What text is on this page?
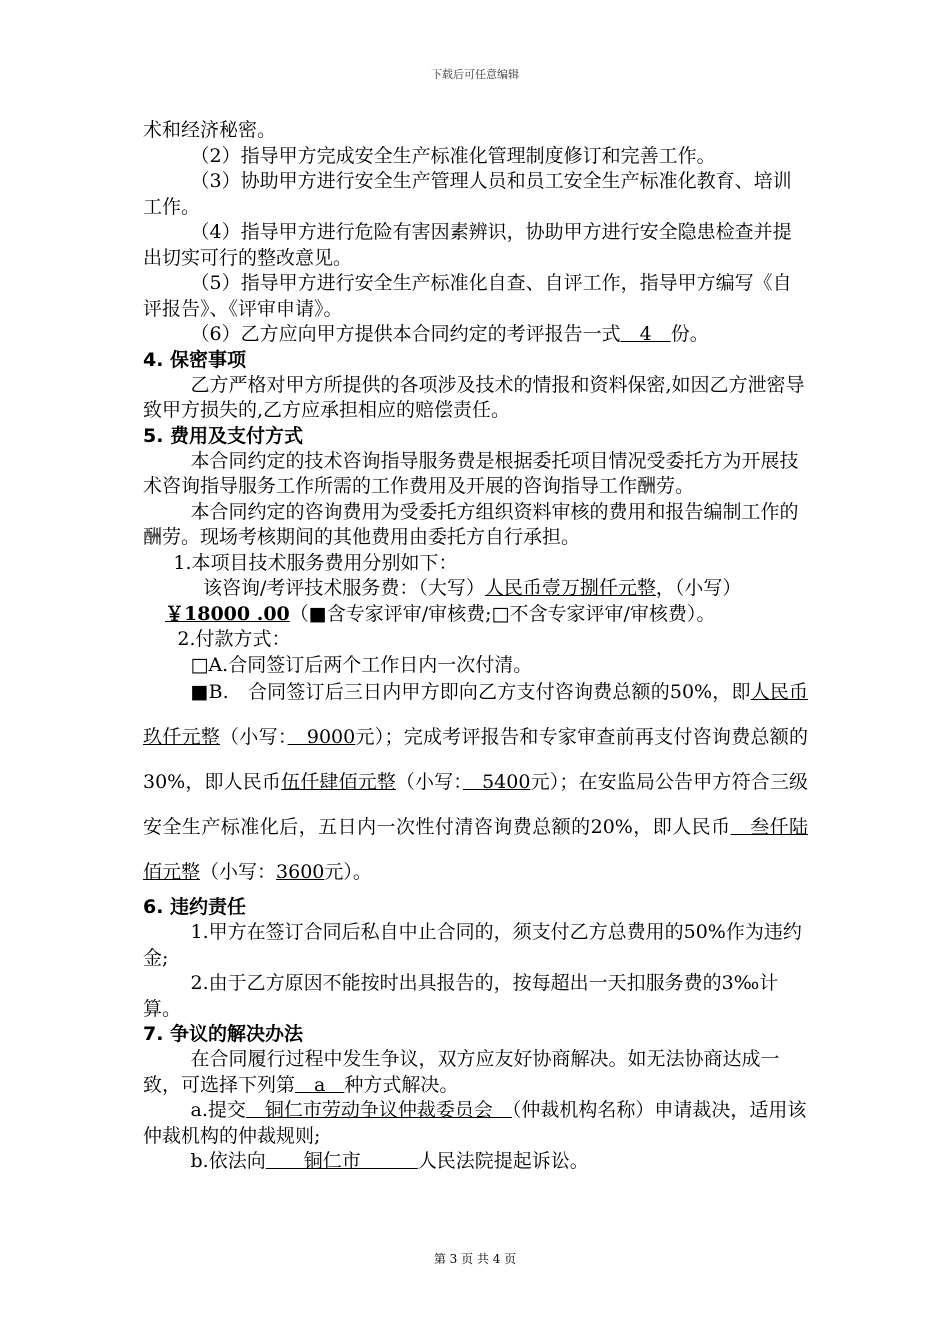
下载后可任意编辑

术和经济秘密。

（2）指导甲方完成安全生产标准化管理制度修订和完善工作。

（3）协助甲方进行安全生产管理人员和员工安全生产标准化教育、培训工作。

（4）指导甲方进行危险有害因素辨识，协助甲方进行安全隐患检查并提出切实可行的整改意见。

（5）指导甲方进行安全生产标准化自查、自评工作，指导甲方编写《自评报告》、《评审申请》。

（6）乙方应向甲方提供本合同约定的考评报告一式　4　份。

4. 保密事项

乙方严格对甲方所提供的各项涉及技术的情报和资料保密,如因乙方泄密导致甲方损失的,乙方应承担相应的赔偿责任。

5. 费用及支付方式

本合同约定的技术咨询指导服务费是根据委托项目情况受委托方为开展技术咨询指导服务工作所需的工作费用及开展的咨询指导工作酬劳。

本合同约定的咨询费用为受委托方组织资料审核的费用和报告编制工作的酬劳。现场考核期间的其他费用由委托方自行承担。

1.本项目技术服务费用分别如下：

该咨询/考评技术服务费：（大写）人民币壹万捌仟元整，（小写）￥18000 .00（■含专家评审/审核费;□不含专家评审/审核费）。

2.付款方式：

□A.合同签订后两个工作日内一次付清。

■B.　合同签订后三日内甲方即向乙方支付咨询费总额的50%，即人民币玖仟元整（小写：　9000元）；完成考评报告和专家审查前再支付咨询费总额的30%，即人民币伍仟肆佰元整（小写：　5400元）；在安监局公告甲方符合三级安全生产标准化后，五日内一次性付清咨询费总额的20%，即人民币　叁仟陆佰元整（小写：3600元）。

6. 违约责任

1.甲方在签订合同后私自中止合同的，须支付乙方总费用的50%作为违约金;

2.由于乙方原因不能按时出具报告的，按每超出一天扣服务费的3‰计算。

7. 争议的解决办法

在合同履行过程中发生争议，双方应友好协商解决。如无法协商达成一致，可选择下列第　a　种方式解决。

a.提交　铜仁市劳动争议仲裁委员会　（仲裁机构名称）申请裁决，适用该仲裁机构的仲裁规则;

b.依法向　　铜仁市　　　人民法院提起诉讼。

第 3 页 共 4 页
